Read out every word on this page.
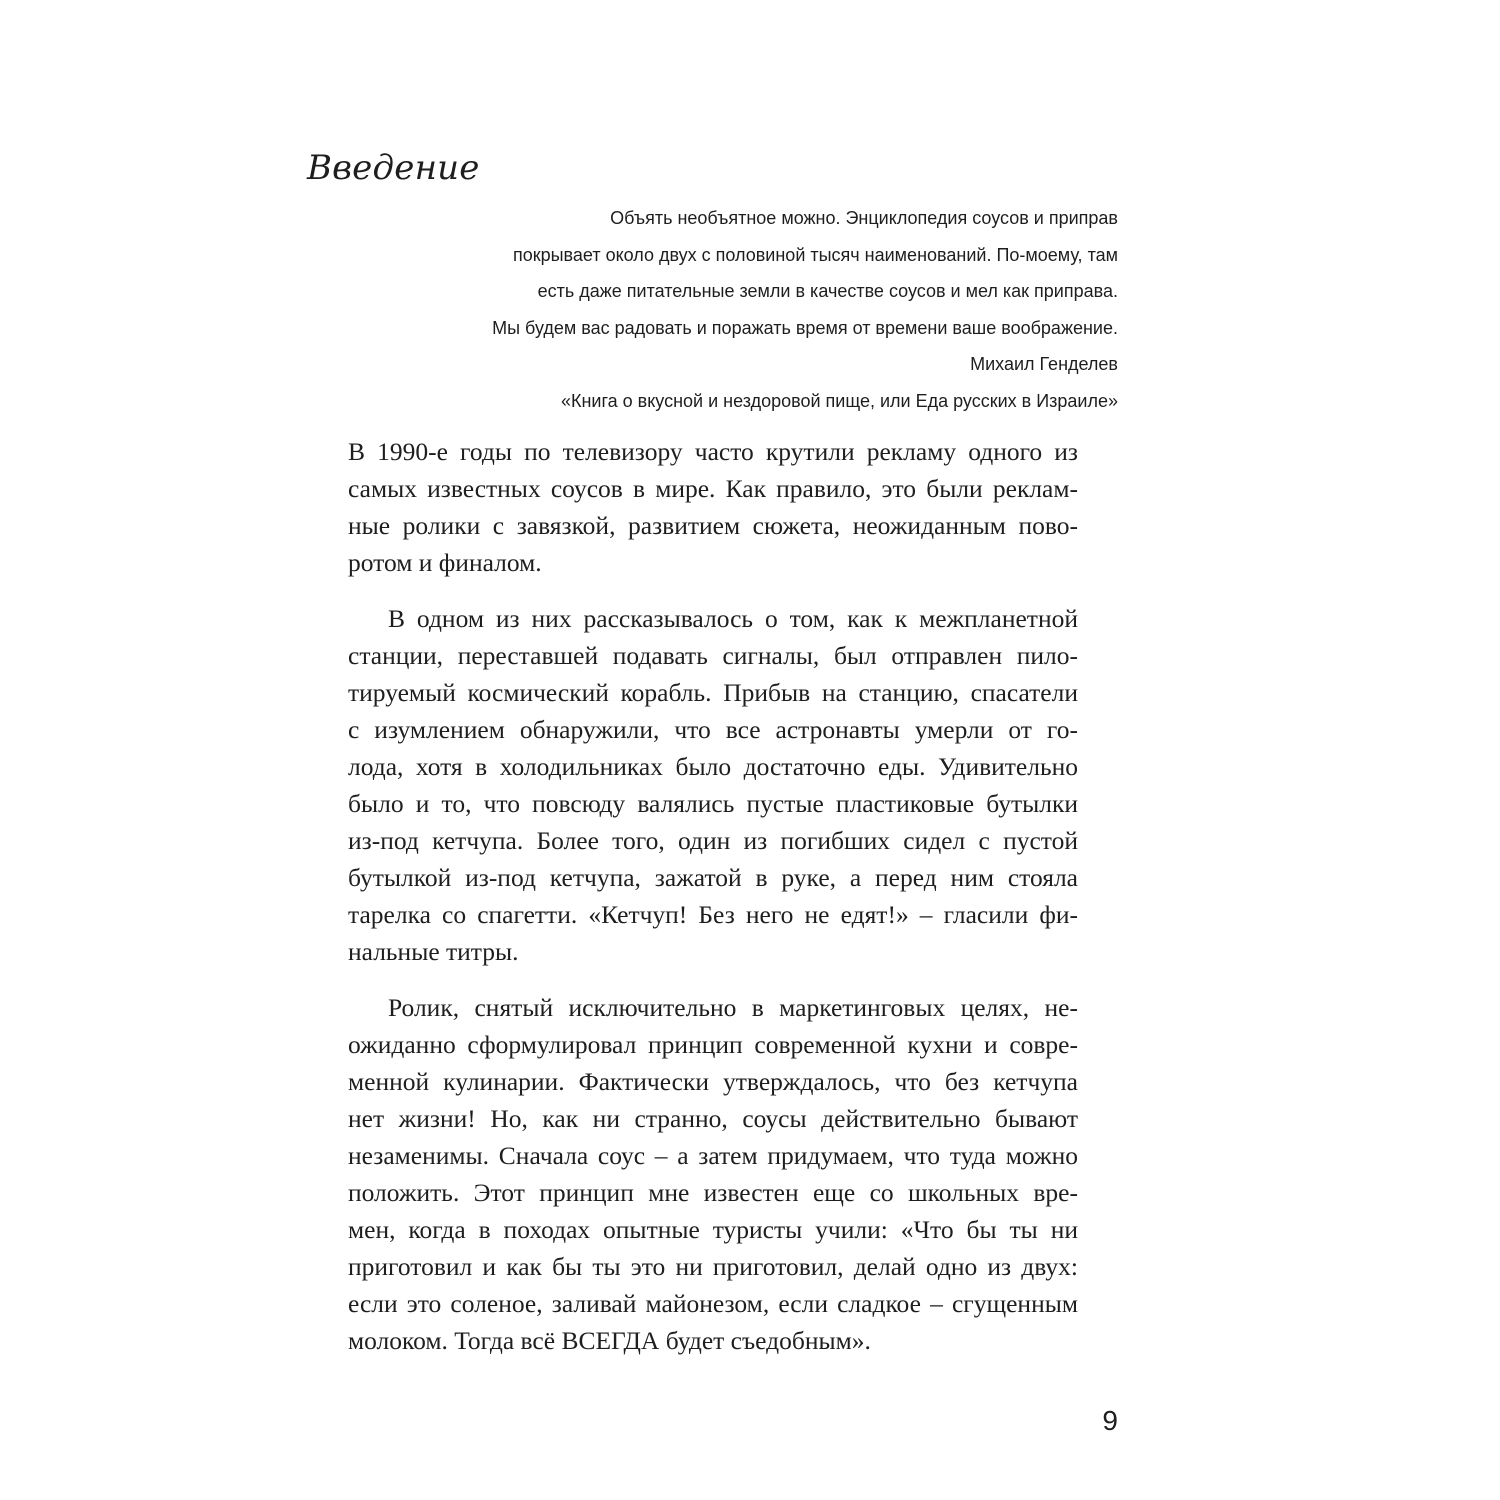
Введение
Объять необъятное можно. Энциклопедия соусов и приправ
покрывает около двух с половиной тысяч наименований. По-моему, там
есть даже питательные земли в качестве соусов и мел как приправа.
Мы будем вас радовать и поражать время от времени ваше воображение.
Михаил Генделев
«Книга о вкусной и нездоровой пище, или Еда русских в Израиле»
В 1990-е годы по телевизору часто крутили рекламу одного из
самых известных соусов в мире. Как правило, это были реклам-
ные ролики с завязкой, развитием сюжета, неожиданным пово-
ротом и финалом.
В одном из них рассказывалось о том, как к межпланетной
станции, переставшей подавать сигналы, был отправлен пило-
тируемый космический корабль. Прибыв на станцию, спасатели
с изумлением обнаружили, что все астронавты умерли от го-
лода, хотя в холодильниках было достаточно еды. Удивительно
было и то, что повсюду валялись пустые пластиковые бутылки
из-под кетчупа. Более того, один из погибших сидел с пустой
бутылкой из-под кетчупа, зажатой в руке, а перед ним стояла
тарелка со спагетти. «Кетчуп! Без него не едят!» – гласили фи-
нальные титры.
Ролик, снятый исключительно в маркетинговых целях, не-
ожиданно сформулировал принцип современной кухни и совре-
менной кулинарии. Фактически утверждалось, что без кетчупа
нет жизни! Но, как ни странно, соусы действительно бывают
незаменимы. Сначала соус – а затем придумаем, что туда можно
положить. Этот принцип мне известен еще со школьных вре-
мен, когда в походах опытные туристы учили: «Что бы ты ни
приготовил и как бы ты это ни приготовил, делай одно из двух:
если это соленое, заливай майонезом, если сладкое – сгущенным
молоком. Тогда всё ВСЕГДА будет съедобным».
9
